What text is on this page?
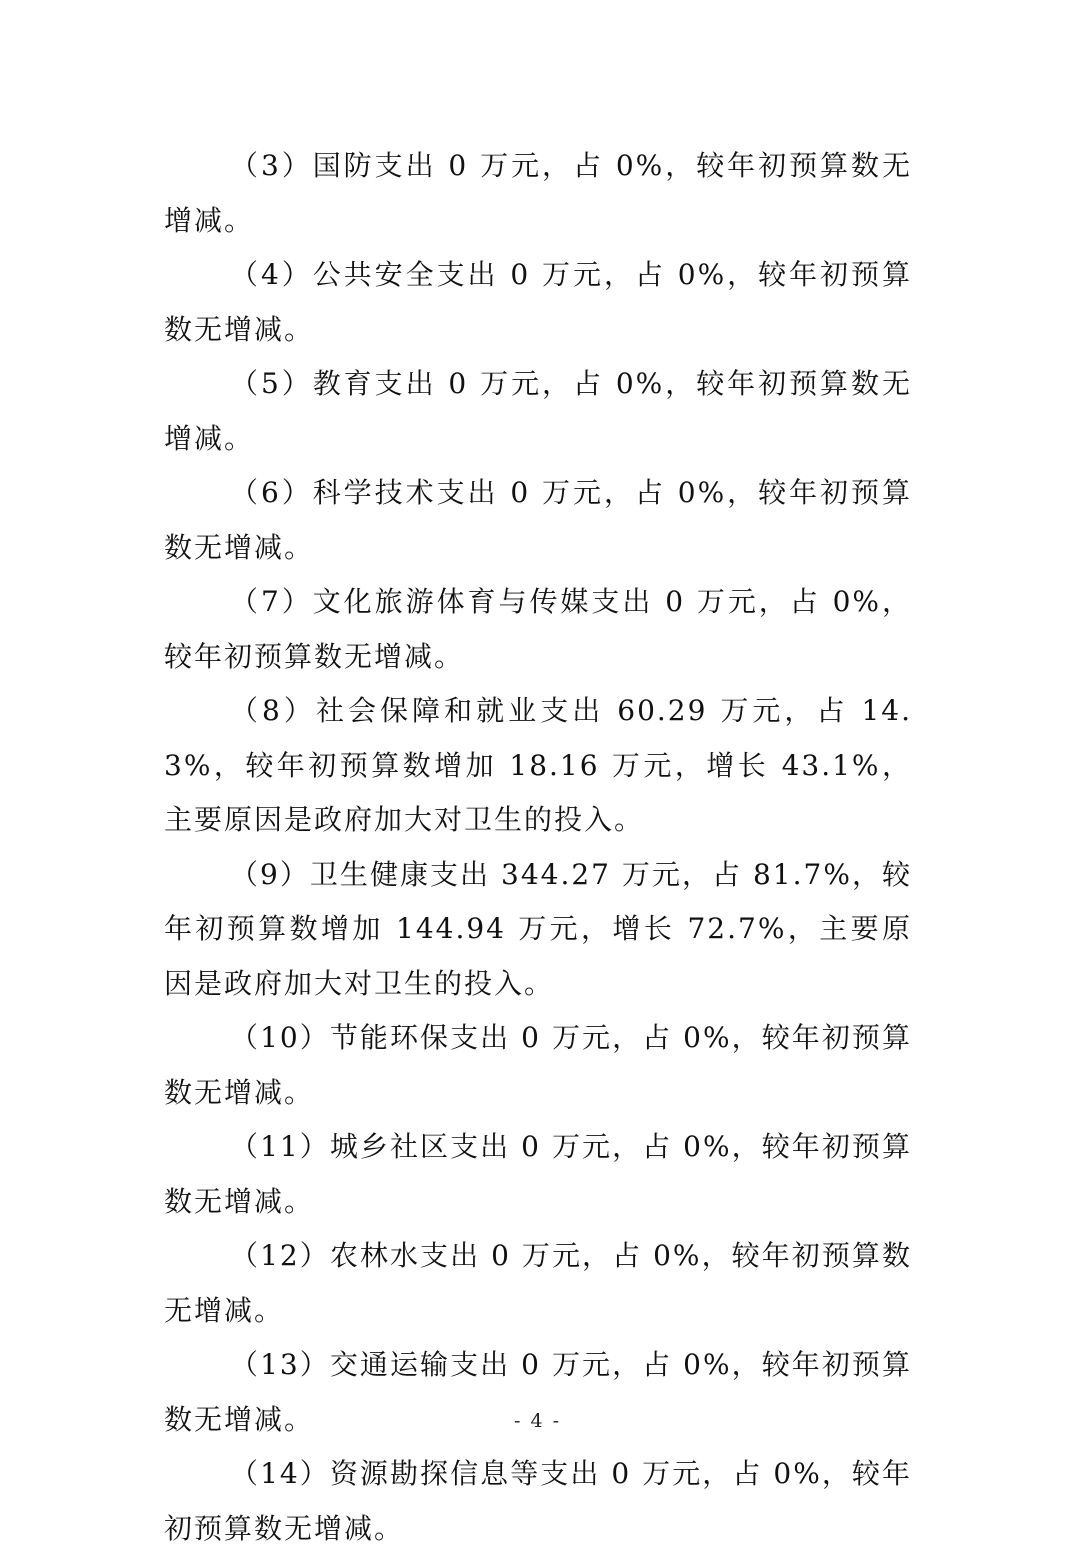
（3）国防支出 0 万元，占 0%，较年初预算数无增减。

（4）公共安全支出 0 万元，占 0%，较年初预算数无增减。

（5）教育支出 0 万元，占 0%，较年初预算数无增减。

（6）科学技术支出 0 万元，占 0%，较年初预算数无增减。

（7）文化旅游体育与传媒支出 0 万元，占 0%，较年初预算数无增减。

（8）社会保障和就业支出 60.29 万元，占 14.3%，较年初预算数增加 18.16 万元，增长 43.1%，主要原因是政府加大对卫生的投入。

（9）卫生健康支出 344.27 万元，占 81.7%，较年初预算数增加 144.94 万元，增长 72.7%，主要原因是政府加大对卫生的投入。

（10）节能环保支出 0 万元，占 0%，较年初预算数无增减。

（11）城乡社区支出 0 万元，占 0%，较年初预算数无增减。

（12）农林水支出 0 万元，占 0%，较年初预算数无增减。

（13）交通运输支出 0 万元，占 0%，较年初预算数无增减。

（14）资源勘探信息等支出 0 万元，占 0%，较年初预算数无增减。

- 4 -
